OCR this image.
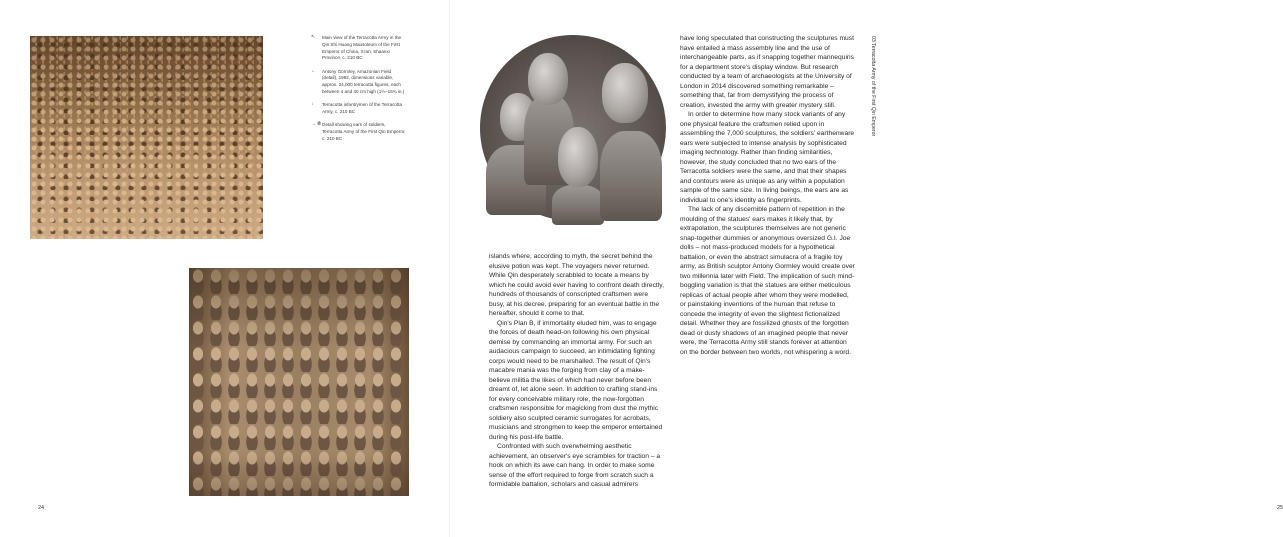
↖ Main view of the Terracotta Army in the Qin Shi Huang Mausoleum of the First Emperor of China, Xi'an, Shaanxi Province, c. 210 BC
← Antony Gormley, Amazonian Field (detail), 1992, dimensions variable, approx. 24,000 terracotta figures, each between 4 and 40 cm high (1½–15¾ in.)
↓ Terracotta infantrymen of the Terracotta Army, c. 210 BC
→ ⦾ Detail showing ears of soldiers, Terracotta Army of the First Qin Emperor, c. 210 BC
24	25

islands where, according to myth, the secret behind the elusive potion was kept. The voyagers never returned. While Qin desperately scrabbled to locate a means by which he could avoid ever having to confront death directly, hundreds of thousands of conscripted craftsmen were busy, at his decree, preparing for an eventual battle in the hereafter, should it come to that.

Qin's Plan B, if immortality eluded him, was to engage the forces of death head-on following his own physical demise by commanding an immortal army. For such an audacious campaign to succeed, an intimidating fighting corps would need to be marshalled. The result of Qin's macabre mania was the forging from clay of a make-believe militia the likes of which had never before been dreamt of, let alone seen. In addition to crafting stand-ins for every conceivable military role, the now-forgotten craftsmen responsible for magicking from dust the mythic soldiery also sculpted ceramic surrogates for acrobats, musicians and strongmen to keep the emperor entertained during his post-life battle.

Confronted with such overwhelming aesthetic achievement, an observer's eye scrambles for traction – a hook on which its awe can hang. In order to make some sense of the effort required to forge from scratch such a formidable battalion, scholars and casual admirers

have long speculated that constructing the sculptures must have entailed a mass assembly line and the use of interchangeable parts, as if snapping together mannequins for a department store's display window. But research conducted by a team of archaeologists at the University of London in 2014 discovered something remarkable – something that, far from demystifying the process of creation, invested the army with greater mystery still.

In order to determine how many stock variants of any one physical feature the craftsmen relied upon in assembling the 7,000 sculptures, the soldiers' earthenware ears were subjected to intense analysis by sophisticated imaging technology. Rather than finding similarities, however, the study concluded that no two ears of the Terracotta soldiers were the same, and that their shapes and contours were as unique as any within a population sample of the same size. In living beings, the ears are as individual to one's identity as fingerprints.

The lack of any discernible pattern of repetition in the moulding of the statues' ears makes it likely that, by extrapolation, the sculptures themselves are not generic snap-together dummies or anonymous oversized G.I. Joe dolls – not mass-produced models for a hypothetical battalion, or even the abstract simulacra of a fragile toy army, as British sculptor Antony Gormley would create over two millennia later with Field. The implication of such mind-boggling variation is that the statues are either meticulous replicas of actual people after whom they were modelled, or painstaking inventions of the human that refuse to concede the integrity of even the slightest fictionalized detail. Whether they are fossilized ghosts of the forgotten dead or dusty shadows of an imagined people that never were, the Terracotta Army still stands forever at attention on the border between two worlds, not whispering a word.

03 Terracotta Army of the First Qin Emperor
